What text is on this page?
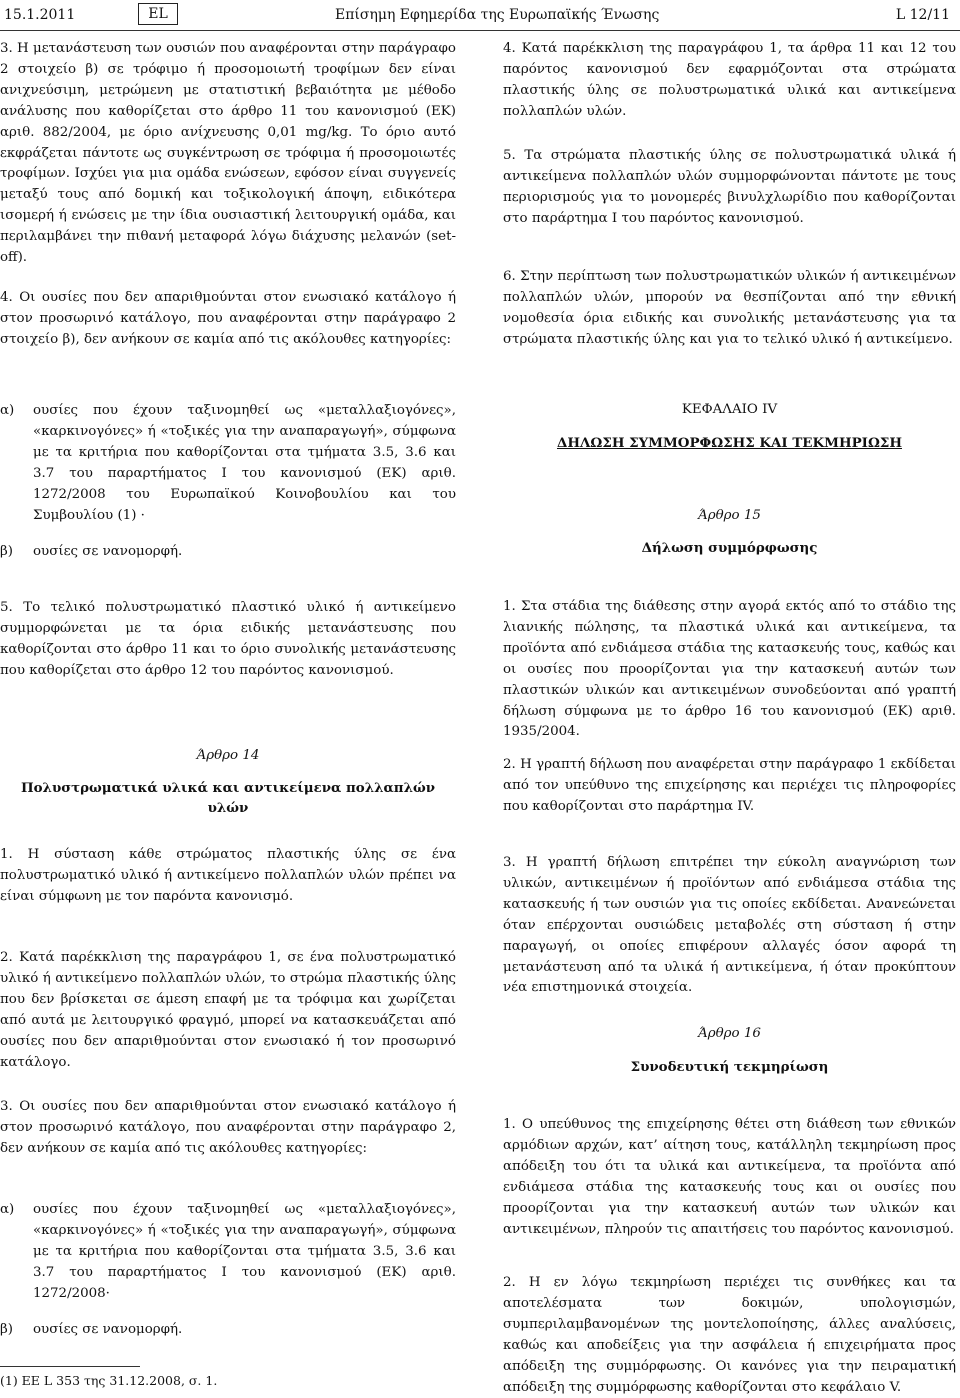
15.1.2011	EL	Επίσημη Εφημερίδα της Ευρωπαϊκής Ένωσης	L 12/11

3. Η μετανάστευση των ουσιών που αναφέρονται στην παράγραφο 2 στοιχείο β) σε τρόφιμο ή προσομοιωτή τροφίμων δεν είναι ανιχνεύσιμη, μετρώμενη με στατιστική βεβαιότητα με μέθοδο ανάλυσης που καθορίζεται στο άρθρο 11 του κανονισμού (ΕΚ) αριθ. 882/2004, με όριο ανίχνευσης 0,01 mg/kg. Το όριο αυτό εκφράζεται πάντοτε ως συγκέντρωση σε τρόφιμα ή προσομοιωτές τροφίμων. Ισχύει για μια ομάδα ενώσεων, εφόσον είναι συγγενείς μεταξύ τους από δομική και τοξικολογική άποψη, ειδικότερα ισομερή ή ενώσεις με την ίδια ουσιαστική λειτουργική ομάδα, και περιλαμβάνει την πιθανή μεταφορά λόγω διάχυσης μελανών (set-off).

4. Οι ουσίες που δεν απαριθμούνται στον ενωσιακό κατάλογο ή στον προσωρινό κατάλογο, που αναφέρονται στην παράγραφο 2 στοιχείο β), δεν ανήκουν σε καμία από τις ακόλουθες κατηγορίες:

α) ουσίες που έχουν ταξινομηθεί ως «μεταλλαξιογόνες», «καρκινογόνες» ή «τοξικές για την αναπαραγωγή», σύμφωνα με τα κριτήρια που καθορίζονται στα τμήματα 3.5, 3.6 και 3.7 του παραρτήματος I του κανονισμού (ΕΚ) αριθ. 1272/2008 του Ευρωπαϊκού Κοινοβουλίου και του Συμβουλίου (1) ·
β) ουσίες σε νανομορφή.

5. Το τελικό πολυστρωματικό πλαστικό υλικό ή αντικείμενο συμμορφώνεται με τα όρια ειδικής μετανάστευσης που καθορίζονται στο άρθρο 11 και το όριο συνολικής μετανάστευσης που καθορίζεται στο άρθρο 12 του παρόντος κανονισμού.

Άρθρο 14
Πολυστρωματικά υλικά και αντικείμενα πολλαπλών υλών

1. Η σύσταση κάθε στρώματος πλαστικής ύλης σε ένα πολυστρωματικό υλικό ή αντικείμενο πολλαπλών υλών πρέπει να είναι σύμφωνη με τον παρόντα κανονισμό.

2. Κατά παρέκκλιση της παραγράφου 1, σε ένα πολυστρωματικό υλικό ή αντικείμενο πολλαπλών υλών, το στρώμα πλαστικής ύλης που δεν βρίσκεται σε άμεση επαφή με τα τρόφιμα και χωρίζεται από αυτά με λειτουργικό φραγμό, μπορεί να κατασκευάζεται από ουσίες που δεν απαριθμούνται στον ενωσιακό ή τον προσωρινό κατάλογο.

3. Οι ουσίες που δεν απαριθμούνται στον ενωσιακό κατάλογο ή στον προσωρινό κατάλογο, που αναφέρονται στην παράγραφο 2, δεν ανήκουν σε καμία από τις ακόλουθες κατηγορίες:

α) ουσίες που έχουν ταξινομηθεί ως «μεταλλαξιογόνες», «καρκινογόνες» ή «τοξικές για την αναπαραγωγή», σύμφωνα με τα κριτήρια που καθορίζονται στα τμήματα 3.5, 3.6 και 3.7 του παραρτήματος I του κανονισμού (ΕΚ) αριθ. 1272/2008·
β) ουσίες σε νανομορφή.
(1) ΕΕ L 353 της 31.12.2008, σ. 1.

4. Κατά παρέκκλιση της παραγράφου 1, τα άρθρα 11 και 12 του παρόντος κανονισμού δεν εφαρμόζονται στα στρώματα πλαστικής ύλης σε πολυστρωματικά υλικά και αντικείμενα πολλαπλών υλών.

5. Τα στρώματα πλαστικής ύλης σε πολυστρωματικά υλικά ή αντικείμενα πολλαπλών υλών συμμορφώνονται πάντοτε με τους περιορισμούς για το μονομερές βινυλχλωρίδιο που καθορίζονται στο παράρτημα I του παρόντος κανονισμού.

6. Στην περίπτωση των πολυστρωματικών υλικών ή αντικειμένων πολλαπλών υλών, μπορούν να θεσπίζονται από την εθνική νομοθεσία όρια ειδικής και συνολικής μετανάστευσης για τα στρώματα πλαστικής ύλης και για το τελικό υλικό ή αντικείμενο.

ΚΕΦΑΛΑΙΟ IV
ΔΗΛΩΣΗ ΣΥΜΜΟΡΦΩΣΗΣ ΚΑΙ ΤΕΚΜΗΡΙΩΣΗ
Άρθρο 15
Δήλωση συμμόρφωσης

1. Στα στάδια της διάθεσης στην αγορά εκτός από το στάδιο της λιανικής πώλησης, τα πλαστικά υλικά και αντικείμενα, τα προϊόντα από ενδιάμεσα στάδια της κατασκευής τους, καθώς και οι ουσίες που προορίζονται για την κατασκευή αυτών των πλαστικών υλικών και αντικειμένων συνοδεύονται από γραπτή δήλωση σύμφωνα με το άρθρο 16 του κανονισμού (ΕΚ) αριθ. 1935/2004.

2. Η γραπτή δήλωση που αναφέρεται στην παράγραφο 1 εκδίδεται από τον υπεύθυνο της επιχείρησης και περιέχει τις πληροφορίες που καθορίζονται στο παράρτημα IV.

3. Η γραπτή δήλωση επιτρέπει την εύκολη αναγνώριση των υλικών, αντικειμένων ή προϊόντων από ενδιάμεσα στάδια της κατασκευής ή των ουσιών για τις οποίες εκδίδεται. Ανανεώνεται όταν επέρχονται ουσιώδεις μεταβολές στη σύσταση ή στην παραγωγή, οι οποίες επιφέρουν αλλαγές όσον αφορά τη μετανάστευση από τα υλικά ή αντικείμενα, ή όταν προκύπτουν νέα επιστημονικά στοιχεία.

Άρθρο 16
Συνοδευτική τεκμηρίωση

1. Ο υπεύθυνος της επιχείρησης θέτει στη διάθεση των εθνικών αρμόδιων αρχών, κατ’ αίτηση τους, κατάλληλη τεκμηρίωση προς απόδειξη του ότι τα υλικά και αντικείμενα, τα προϊόντα από ενδιάμεσα στάδια της κατασκευής τους και οι ουσίες που προορίζονται για την κατασκευή αυτών των υλικών και αντικειμένων, πληρούν τις απαιτήσεις του παρόντος κανονισμού.

2. Η εν λόγω τεκμηρίωση περιέχει τις συνθήκες και τα αποτελέσματα των δοκιμών, υπολογισμών, συμπεριλαμβανομένων της μοντελοποίησης, άλλες αναλύσεις, καθώς και αποδείξεις για την ασφάλεια ή επιχειρήματα προς απόδειξη της συμμόρφωσης. Οι κανόνες για την πειραματική απόδειξη της συμμόρφωσης καθορίζονται στο κεφάλαιο V.
